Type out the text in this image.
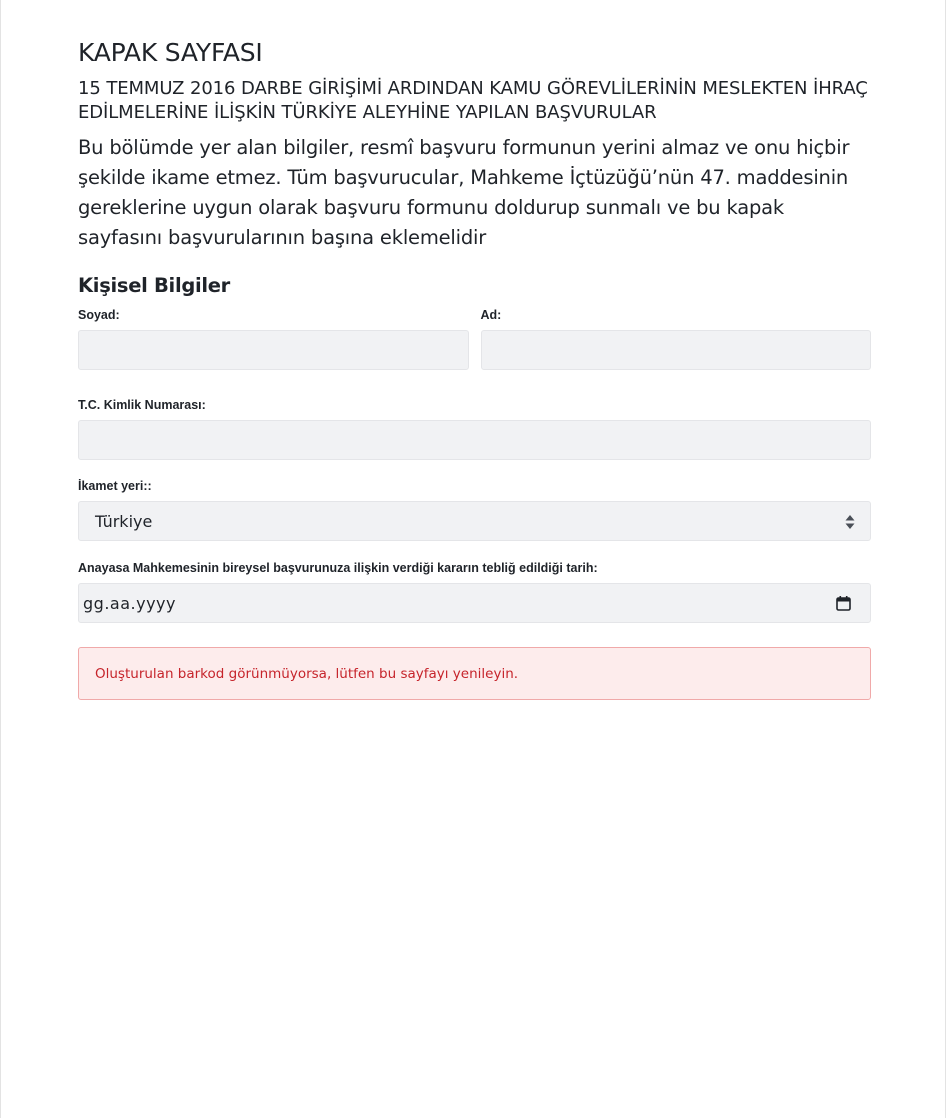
KAPAK SAYFASI
15 TEMMUZ 2016 DARBE GİRİŞİMİ ARDINDAN KAMU GÖREVLİLERİNİN MESLEKTEN İHRAÇ EDİLMELERİNE İLİŞKİN TÜRKİYE ALEYHİNE YAPILAN BAŞVURULAR

Bu bölümde yer alan bilgiler, resmî başvuru formunun yerini almaz ve onu hiçbir şekilde ikame etmez. Tüm başvurucular, Mahkeme İçtüzüğü’nün 47. maddesinin gereklerine uygun olarak başvuru formunu doldurup sunmalı ve bu kapak sayfasını başvurularının başına eklemelidir

Kişisel Bilgiler
Soyad:	Ad:
T.C. Kimlik Numarası:
İkamet yeri::
Türkiye
Anayasa Mahkemesinin bireysel başvurunuza ilişkin verdiği kararın tebliğ edildiği tarih:
gg.aa.yyyy
Oluşturulan barkod görünmüyorsa, lütfen bu sayfayı yenileyin.
